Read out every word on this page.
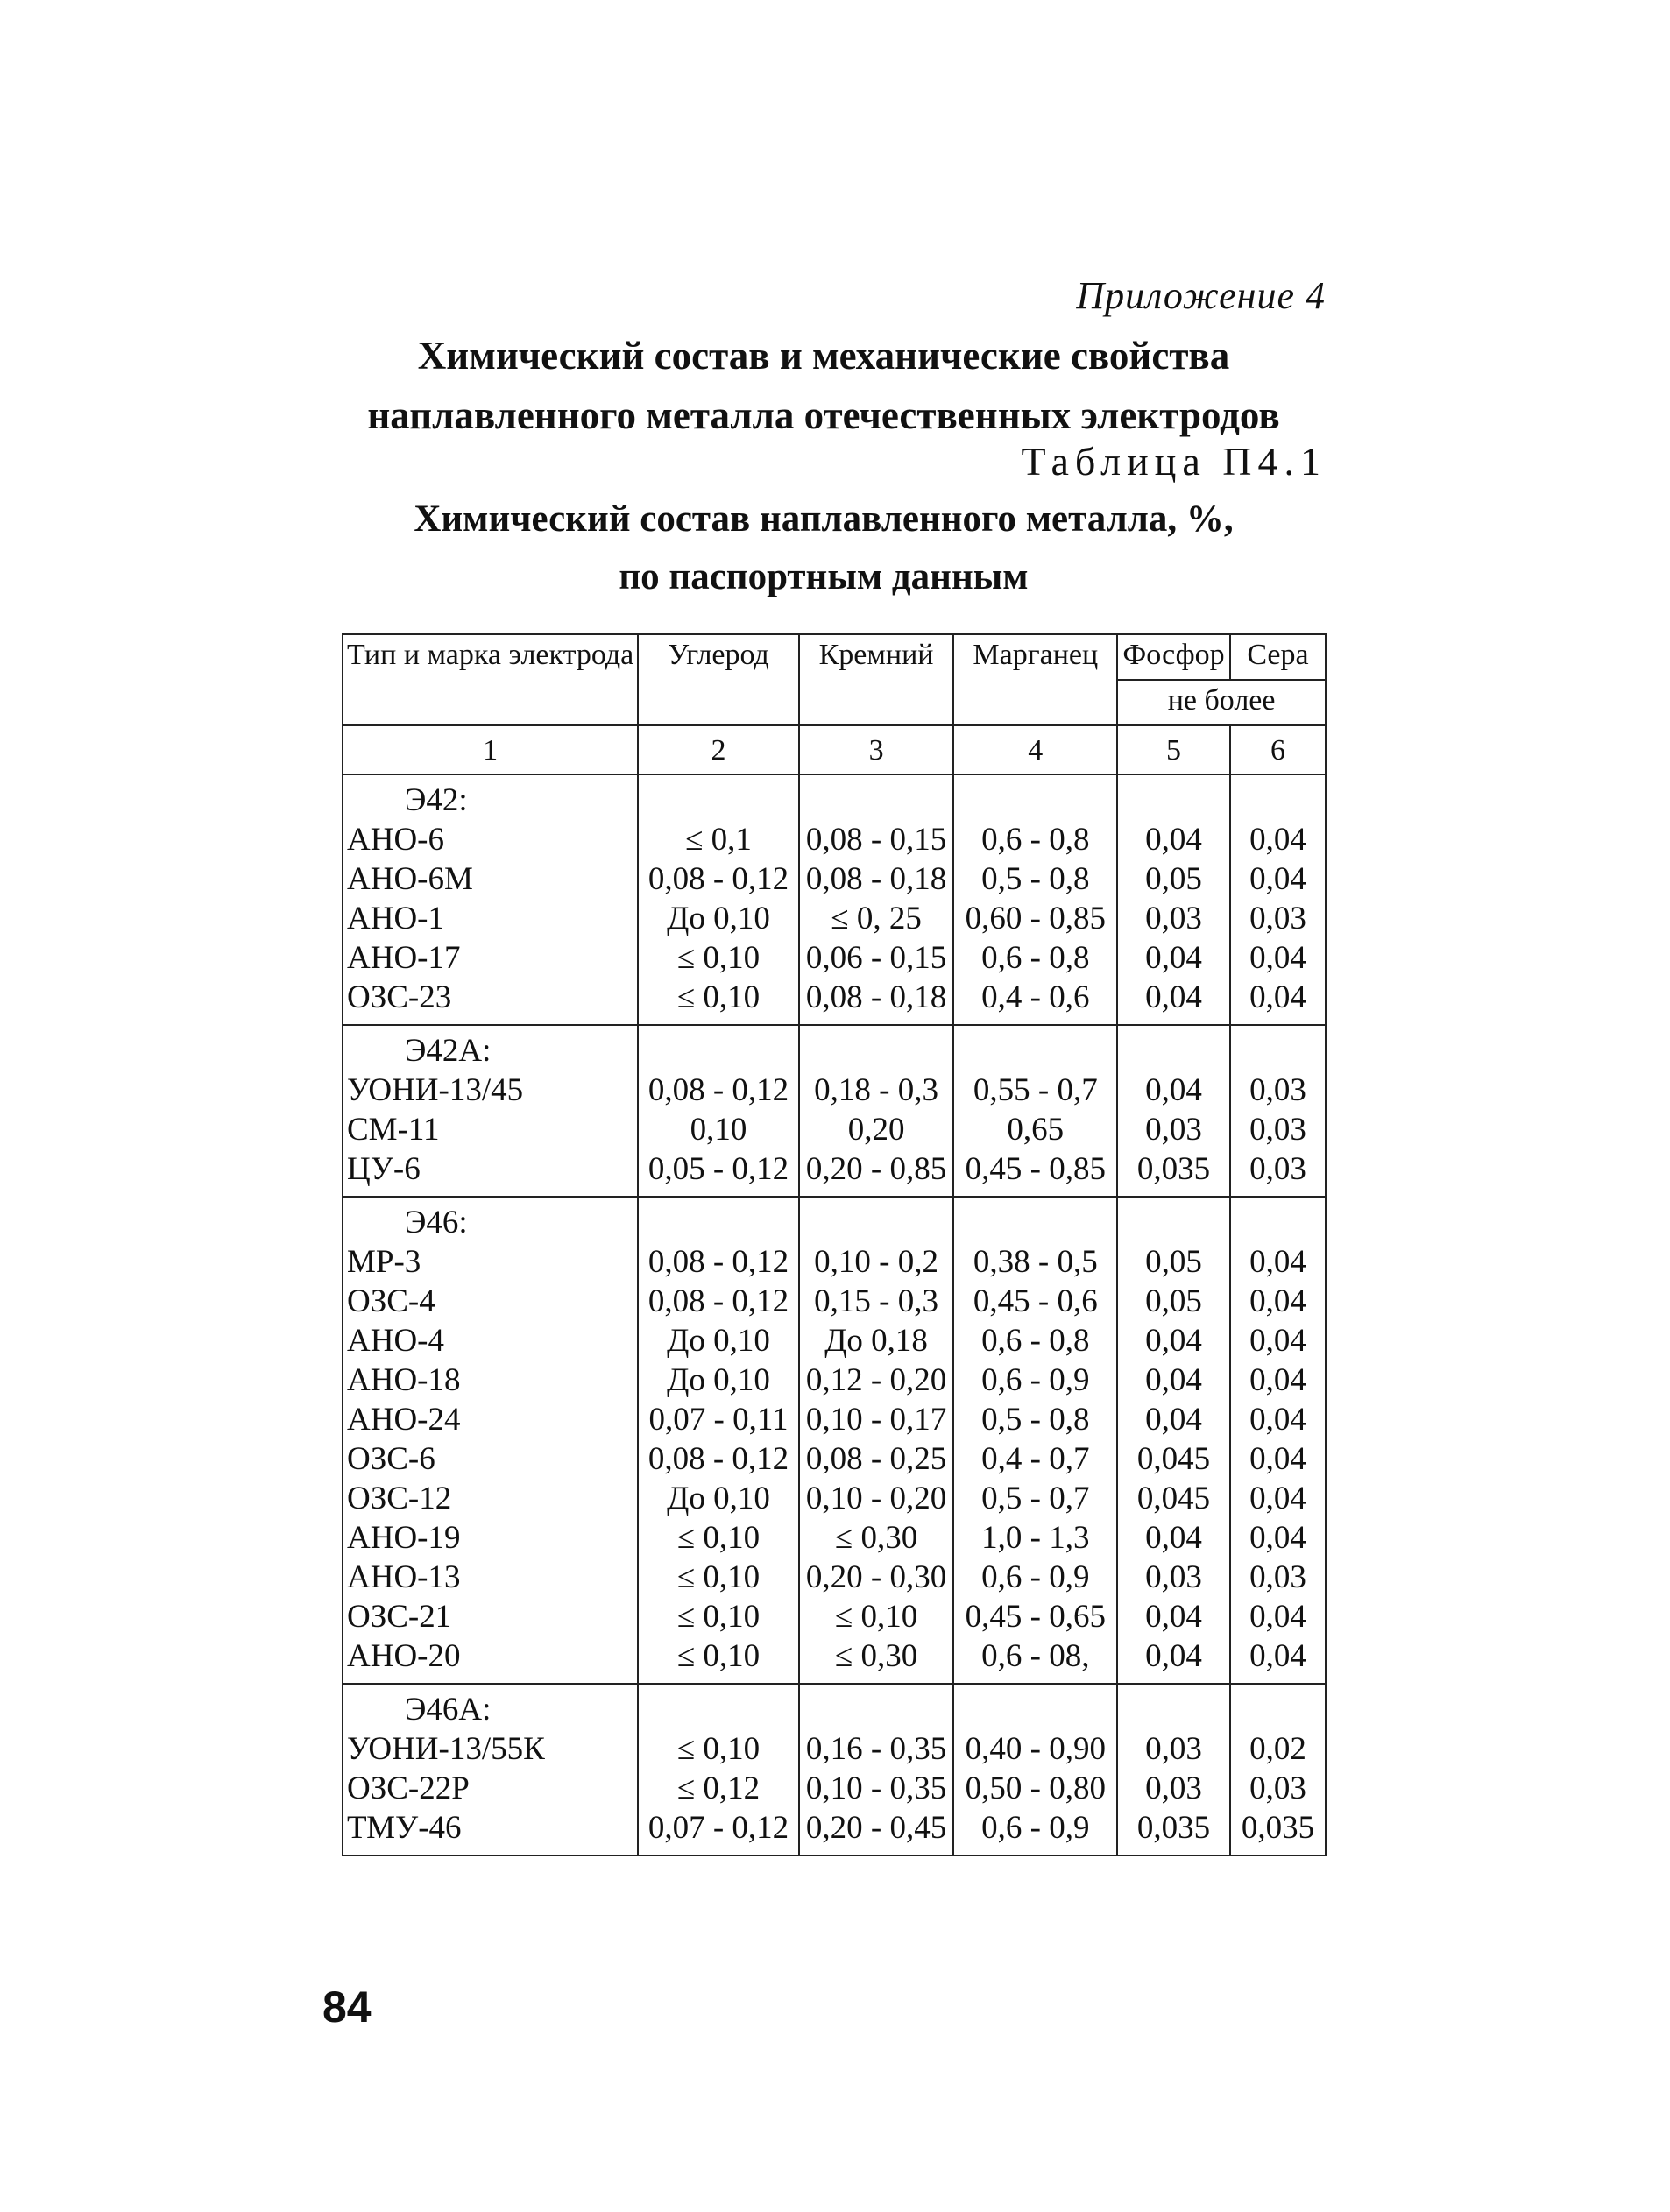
Приложение 4
Химический состав и механические свойства
наплавленного металла отечественных электродов
Таблица П4.1
Химический состав наплавленного металла, %,
по паспортным данным
Тип и марка электрода	Углерод	Кремний	Марганец	Фосфор	Сера
				не более	
1	2	3	4	5	6
Э42:					
АНО-6	≤ 0,1	0,08 - 0,15	0,6 - 0,8	0,04	0,04
АНО-6М	0,08 - 0,12	0,08 - 0,18	0,5 - 0,8	0,05	0,04
АНО-1	До 0,10	≤ 0, 25	0,60 - 0,85	0,03	0,03
АНО-17	≤ 0,10	0,06 - 0,15	0,6 - 0,8	0,04	0,04
ОЗС-23	≤ 0,10	0,08 - 0,18	0,4 - 0,6	0,04	0,04
Э42А:					
УОНИ-13/45	0,08 - 0,12	0,18 - 0,3	0,55 - 0,7	0,04	0,03
СМ-11	0,10	0,20	0,65	0,03	0,03
ЦУ-6	0,05 - 0,12	0,20 - 0,85	0,45 - 0,85	0,035	0,03
Э46:					
МР-3	0,08 - 0,12	0,10 - 0,2	0,38 - 0,5	0,05	0,04
ОЗС-4	0,08 - 0,12	0,15 - 0,3	0,45 - 0,6	0,05	0,04
АНО-4	До 0,10	До 0,18	0,6 - 0,8	0,04	0,04
АНО-18	До 0,10	0,12 - 0,20	0,6 - 0,9	0,04	0,04
АНО-24	0,07 - 0,11	0,10 - 0,17	0,5 - 0,8	0,04	0,04
ОЗС-6	0,08 - 0,12	0,08 - 0,25	0,4 - 0,7	0,045	0,04
ОЗС-12	До 0,10	0,10 - 0,20	0,5 - 0,7	0,045	0,04
АНО-19	≤ 0,10	≤ 0,30	1,0 - 1,3	0,04	0,04
АНО-13	≤ 0,10	0,20 - 0,30	0,6 - 0,9	0,03	0,03
ОЗС-21	≤ 0,10	≤ 0,10	0,45 - 0,65	0,04	0,04
АНО-20	≤ 0,10	≤ 0,30	0,6 - 08,	0,04	0,04
Э46А:					
УОНИ-13/55К	≤ 0,10	0,16 - 0,35	0,40 - 0,90	0,03	0,02
ОЗС-22Р	≤ 0,12	0,10 - 0,35	0,50 - 0,80	0,03	0,03
ТМУ-46	0,07 - 0,12	0,20 - 0,45	0,6 - 0,9	0,035	0,035
84
